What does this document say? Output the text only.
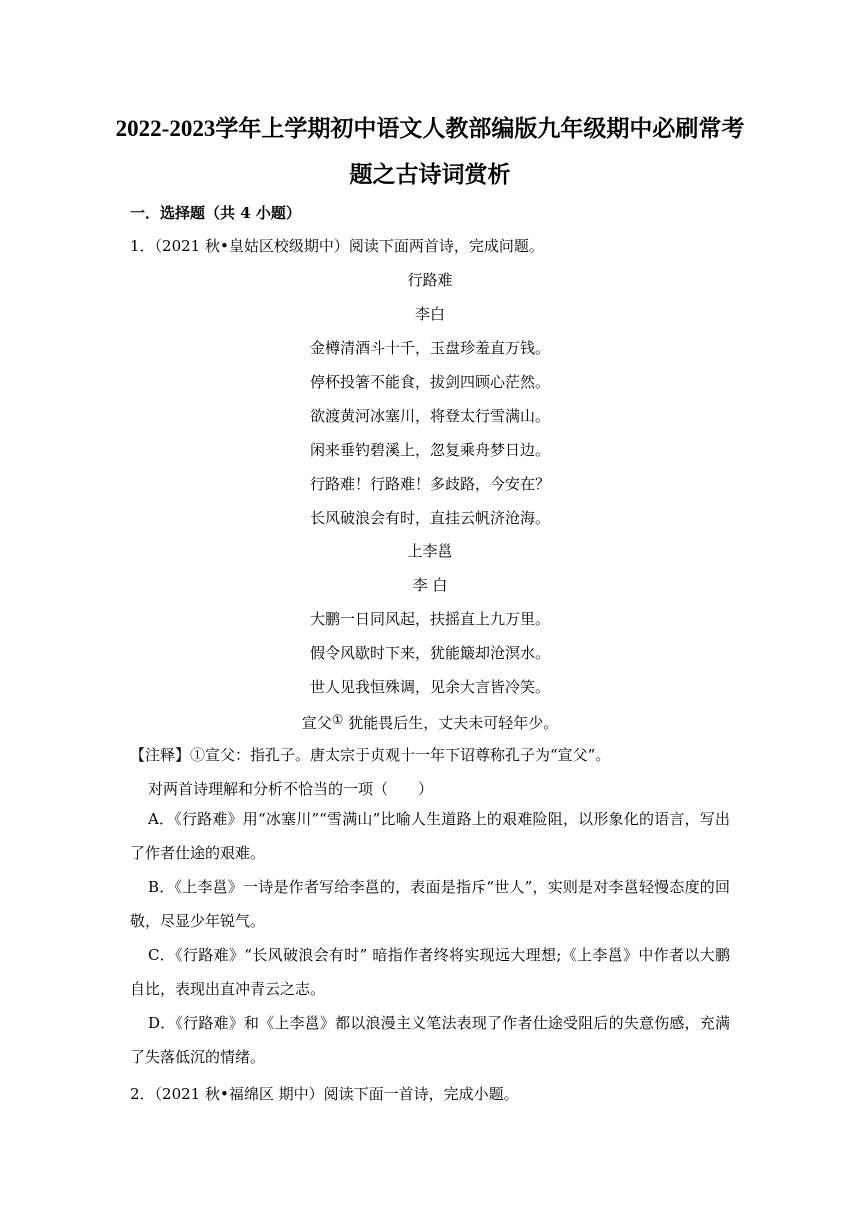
2022-2023学年上学期初中语文人教部编版九年级期中必刷常考
题之古诗词赏析
一．选择题（共 4 小题）
1．（2021 秋•皇姑区校级期中）阅读下面两首诗，完成问题。
行路难
李白
金樽清酒斗十千，玉盘珍羞直万钱。
停杯投箸不能食，拔剑四顾心茫然。
欲渡黄河冰塞川，将登太行雪满山。
闲来垂钓碧溪上，忽复乘舟梦日边。
行路难！行路难！多歧路，今安在？
长风破浪会有时，直挂云帆济沧海。
上李邕
李 白
大鹏一日同风起，扶摇直上九万里。
假令风歇时下来，犹能簸却沧溟水。
世人见我恒殊调，见余大言皆冷笑。
宣父① 犹能畏后生，丈夫未可轻年少。
【注释】①宣父：指孔子。唐太宗于贞观十一年下诏尊称孔子为“宣父”。
对两首诗理解和分析不恰当的一项（　　）
A．《行路难》用“冰塞川”“雪满山”比喻人生道路上的艰难险阻，以形象化的语言，写出了作者仕途的艰难。
B．《上李邕》一诗是作者写给李邕的，表面是指斥“世人”，实则是对李邕轻慢态度的回敬，尽显少年锐气。
C．《行路难》“长风破浪会有时” 暗指作者终将实现远大理想;《上李邕》中作者以大鹏自比，表现出直冲青云之志。
D．《行路难》和《上李邕》都以浪漫主义笔法表现了作者仕途受阻后的失意伤感，充满了失落低沉的情绪。
2．（2021 秋•福绵区 期中）阅读下面一首诗，完成小题。
